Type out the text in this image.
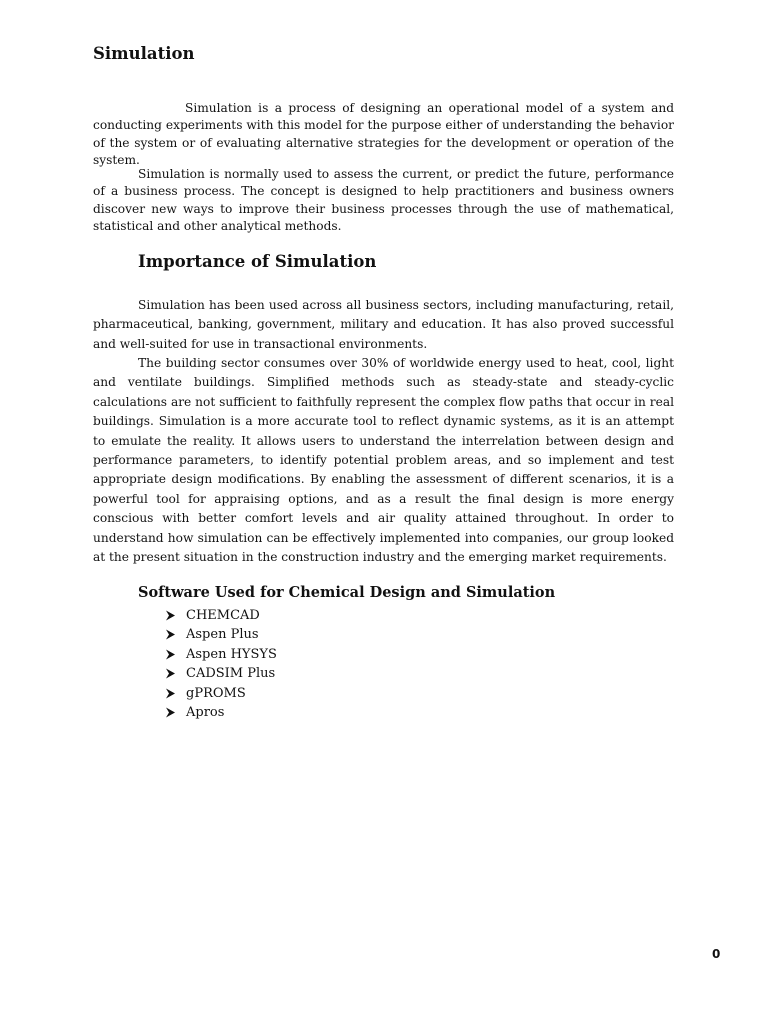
Simulation

Simulation is a process of designing an operational model of a system and conducting experiments with this model for the purpose either of understanding the behavior of the system or of evaluating alternative strategies for the development or operation of the system.

Simulation is normally used to assess the current, or predict the future, performance of a business process. The concept is designed to help practitioners and business owners discover new ways to improve their business processes through the use of mathematical, statistical and other analytical methods.

Importance of Simulation

Simulation has been used across all business sectors, including manufacturing, retail, pharmaceutical, banking, government, military and education. It has also proved successful and well-suited for use in transactional environments.

The building sector consumes over 30% of worldwide energy used to heat, cool, light and ventilate buildings. Simplified methods such as steady-state and steady-cyclic calculations are not sufficient to faithfully represent the complex flow paths that occur in real buildings. Simulation is a more accurate tool to reflect dynamic systems, as it is an attempt to emulate the reality. It allows users to understand the interrelation between design and performance parameters, to identify potential problem areas, and so implement and test appropriate design modifications. By enabling the assessment of different scenarios, it is a powerful tool for appraising options, and as a result the final design is more energy conscious with better comfort levels and air quality attained throughout. In order to understand how simulation can be effectively implemented into companies, our group looked at the present situation in the construction industry and the emerging market requirements.

Software Used for Chemical Design and Simulation
CHEMCAD
Aspen Plus
Aspen HYSYS
CADSIM Plus
gPROMS
Apros
0
